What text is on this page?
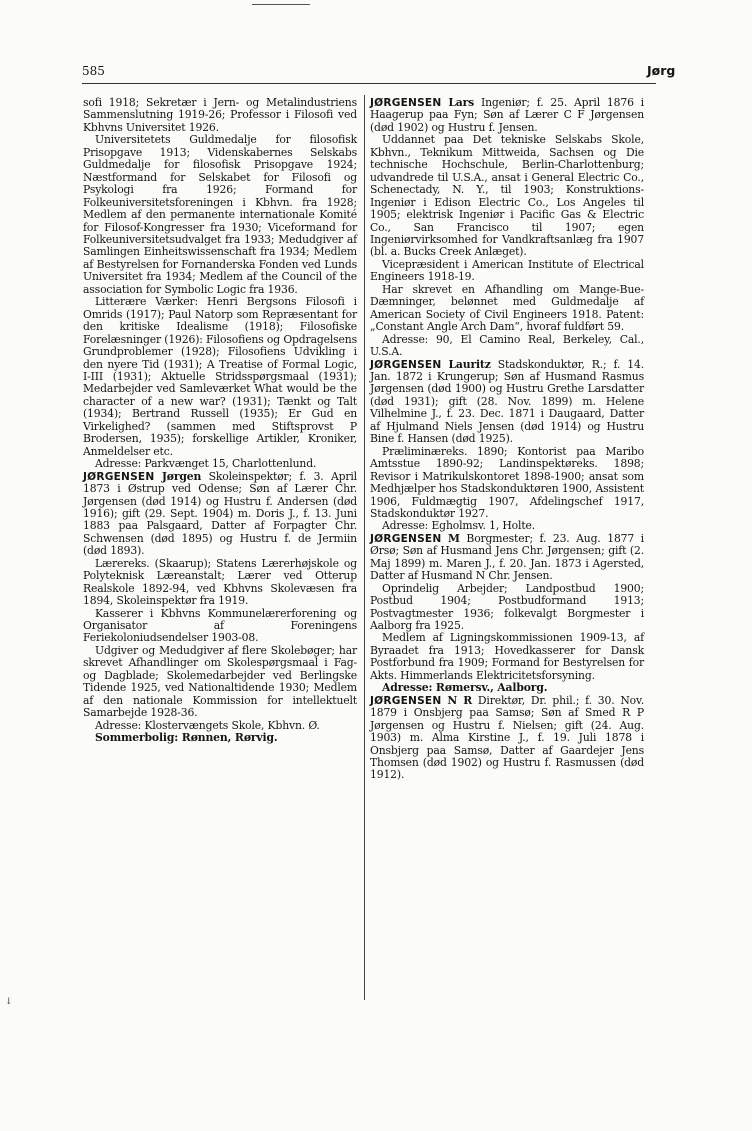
585	Jørg
↓

sofi 1918; Sekretær i Jern- og Metalindustriens Sammenslutning 1919-26; Professor i Filosofi ved Kbhvns Universitet 1926.

Universitetets Guldmedalje for filosofisk Prisopgave 1913; Videnskabernes Selskabs Guldmedalje for filosofisk Prisopgave 1924; Næstformand for Selskabet for Filosofi og Psykologi fra 1926; Formand for Folkeuniversitetsforeningen i Kbhvn. fra 1928; Medlem af den permanente internationale Komité for Filosof-Kongresser fra 1930; Viceformand for Folkeuniversitetsudvalget fra 1933; Medudgiver af Samlingen Einheitswissenschaft fra 1934; Medlem af Bestyrelsen for Fornanderska Fonden ved Lunds Universitet fra 1934; Medlem af the Council of the association for Symbolic Logic fra 1936.

Litterære Værker: Henri Bergsons Filosofi i Omrids (1917); Paul Natorp som Repræsentant for den kritiske Idealisme (1918); Filosofiske Forelæsninger (1926): Filosofiens og Opdragelsens Grundproblemer (1928); Filosofiens Udvikling i den nyere Tid (1931); A Treatise of Formal Logic, I-III (1931); Aktuelle Stridsspørgsmaal (1931); Medarbejder ved Samleværket What would be the character of a new war? (1931); Tænkt og Talt (1934); Bertrand Russell (1935); Er Gud en Virkelighed? (sammen med Stiftsprovst P Brodersen, 1935); forskellige Artikler, Kroniker, Anmeldelser etc.

Adresse: Parkvænget 15, Charlottenlund.

JØRGENSEN Jørgen Skoleinspektør; f. 3. April 1873 i Østrup ved Odense; Søn af Lærer Chr. Jørgensen (død 1914) og Hustru f. Andersen (død 1916); gift (29. Sept. 1904) m. Doris J., f. 13. Juni 1883 paa Palsgaard, Datter af Forpagter Chr. Schwensen (død 1895) og Hustru f. de Jermiin (død 1893).

Lærereks. (Skaarup); Statens Lærerhøjskole og Polyteknisk Læreanstalt; Lærer ved Otterup Realskole 1892-94, ved Kbhvns Skolevæsen fra 1894, Skoleinspektør fra 1919.

Kasserer i Kbhvns Kommunelærerforening og Organisator af Foreningens Feriekoloniudsendelser 1903-08.

Udgiver og Medudgiver af flere Skolebøger; har skrevet Afhandlinger om Skolespørgsmaal i Fag- og Dagblade; Skolemedarbejder ved Berlingske Tidende 1925, ved Nationaltidende 1930; Medlem af den nationale Kommission for intellektuelt Samarbejde 1928-36.

Adresse: Klostervængets Skole, Kbhvn. Ø.

Sommerbolig: Rønnen, Rørvig.

JØRGENSEN Lars Ingeniør; f. 25. April 1876 i Haagerup paa Fyn; Søn af Lærer C F Jørgensen (død 1902) og Hustru f. Jensen.

Uddannet paa Det tekniske Selskabs Skole, Kbhvn., Teknikum Mittweida, Sachsen og Die technische Hochschule, Berlin-Charlottenburg; udvandrede til U.S.A., ansat i General Electric Co., Schenectady, N. Y., til 1903; Konstruktions-Ingeniør i Edison Electric Co., Los Angeles til 1905; elektrisk Ingeniør i Pacific Gas & Electric Co., San Francisco til 1907; egen Ingeniørvirksomhed for Vandkraftsanlæg fra 1907 (bl. a. Bucks Creek Anlæget).

Vicepræsident i American Institute of Electrical Engineers 1918-19.

Har skrevet en Afhandling om Mange-Bue-Dæmninger, belønnet med Guldmedalje af American Society of Civil Engineers 1918. Patent: „Constant Angle Arch Dam“, hvoraf fuldført 59.

Adresse: 90, El Camino Real, Berkeley, Cal., U.S.A.

JØRGENSEN Lauritz Stadskonduktør, R.; f. 14. Jan. 1872 i Krungerup; Søn af Husmand Rasmus Jørgensen (død 1900) og Hustru Grethe Larsdatter (død 1931); gift (28. Nov. 1899) m. Helene Vilhelmine J., f. 23. Dec. 1871 i Daugaard, Datter af Hjulmand Niels Jensen (død 1914) og Hustru Bine f. Hansen (død 1925).

Præliminæreks. 1890; Kontorist paa Maribo Amtsstue 1890-92; Landinspektøreks. 1898; Revisor i Matrikulskontoret 1898-1900; ansat som Medhjælper hos Stadskonduktøren 1900, Assistent 1906, Fuldmægtig 1907, Afdelingschef 1917, Stadskonduktør 1927.

Adresse: Egholmsv. 1, Holte.

JØRGENSEN M Borgmester; f. 23. Aug. 1877 i Ørsø; Søn af Husmand Jens Chr. Jørgensen; gift (2. Maj 1899) m. Maren J., f. 20. Jan. 1873 i Agersted, Datter af Husmand N Chr. Jensen.

Oprindelig Arbejder; Landpostbud 1900; Postbud 1904; Postbudformand 1913; Postvagtmester 1936; folkevalgt Borgmester i Aalborg fra 1925.

Medlem af Ligningskommissionen 1909-13, af Byraadet fra 1913; Hovedkasserer for Dansk Postforbund fra 1909; Formand for Bestyrelsen for Akts. Himmerlands Elektricitetsforsyning.

Adresse: Rømersv., Aalborg.

JØRGENSEN N R Direktør, Dr. phil.; f. 30. Nov. 1879 i Onsbjerg paa Samsø; Søn af Smed R P Jørgensen og Hustru f. Nielsen; gift (24. Aug. 1903) m. Alma Kirstine J., f. 19. Juli 1878 i Onsbjerg paa Samsø, Datter af Gaardejer Jens Thomsen (død 1902) og Hustru f. Rasmussen (død 1912).
